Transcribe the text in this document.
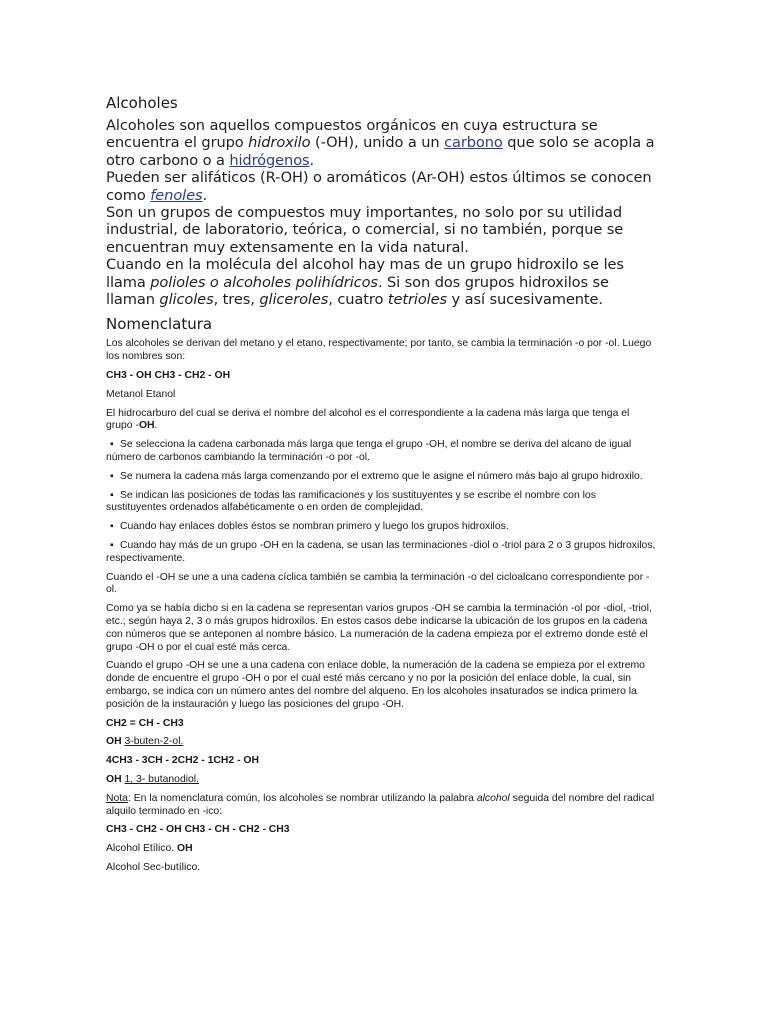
Alcoholes

Alcoholes son aquellos compuestos orgánicos en cuya estructura se encuentra el grupo hidroxilo (-OH), unido a un carbono que solo se acopla a otro carbono o a hidrógenos.

Pueden ser alifáticos (R-OH) o aromáticos (Ar-OH) estos últimos se conocen como fenoles.

Son un grupos de compuestos muy importantes, no solo por su utilidad industrial, de laboratorio, teórica, o comercial, si no también, porque se encuentran muy extensamente en la vida natural.

Cuando en la molécula del alcohol hay mas de un grupo hidroxilo se les llama polioles o alcoholes polihídricos. Si son dos grupos hidroxilos se llaman glicoles, tres, gliceroles, cuatro tetrioles y así sucesivamente.

Nomenclatura

Los alcoholes se derivan del metano y el etano, respectivamente; por tanto, se cambia la terminación -o por -ol. Luego los nombres son:

CH3 - OH CH3 - CH2 - OH

Metanol Etanol

El hidrocarburo del cual se deriva el nombre del alcohol es el correspondiente a la cadena más larga que tenga el grupo -OH.

▪ Se selecciona la cadena carbonada más larga que tenga el grupo -OH, el nombre se deriva del alcano de igual número de carbonos cambiando la terminación -o por -ol.

▪ Se numera la cadena más larga comenzando por el extremo que le asigne el número más bajo al grupo hidroxilo.

▪ Se indican las posiciones de todas las ramificaciones y los sustituyentes y se escribe el nombre con los sustituyentes ordenados alfabéticamente o en orden de complejidad.

▪ Cuando hay enlaces dobles éstos se nombran primero y luego los grupos hidroxilos.

▪ Cuando hay más de un grupo -OH en la cadena, se usan las terminaciones -diol o -triol para 2 o 3 grupos hidroxilos, respectivamente.

Cuando el -OH se une a una cadena cíclica también se cambia la terminación -o del cicloalcano correspondiente por -ol.

Como ya se había dicho si en la cadena se representan varios grupos -OH se cambia la terminación -ol por -diol, -triol, etc.; según haya 2, 3 o más grupos hidroxilos. En estos casos debe indicarse la ubicación de los grupos en la cadena con números que se anteponen al nombre básico. La numeración de la cadena empieza por el extremo donde esté el grupo -OH o por el cual esté más cerca.

Cuando el grupo -OH se une a una cadena con enlace doble, la numeración de la cadena se empieza por el extremo donde de encuentre el grupo -OH o por el cual esté más cercano y no por la posición del enlace doble, la cual, sin embargo, se indica con un número antes del nombre del alqueno. En los alcoholes insaturados se indica primero la posición de la instauración y luego las posiciones del grupo -OH.

CH2 = CH - CH3

OH 3-buten-2-ol.

4CH3 - 3CH - 2CH2 - 1CH2 - OH

OH 1, 3- butanodiol.

Nota: En la nomenclatura común, los alcoholes se nombrar utilizando la palabra alcohol seguida del nombre del radical alquilo terminado en -ico:

CH3 - CH2 - OH CH3 - CH - CH2 - CH3

Alcohol Etílico. OH

Alcohol Sec-butílico.
